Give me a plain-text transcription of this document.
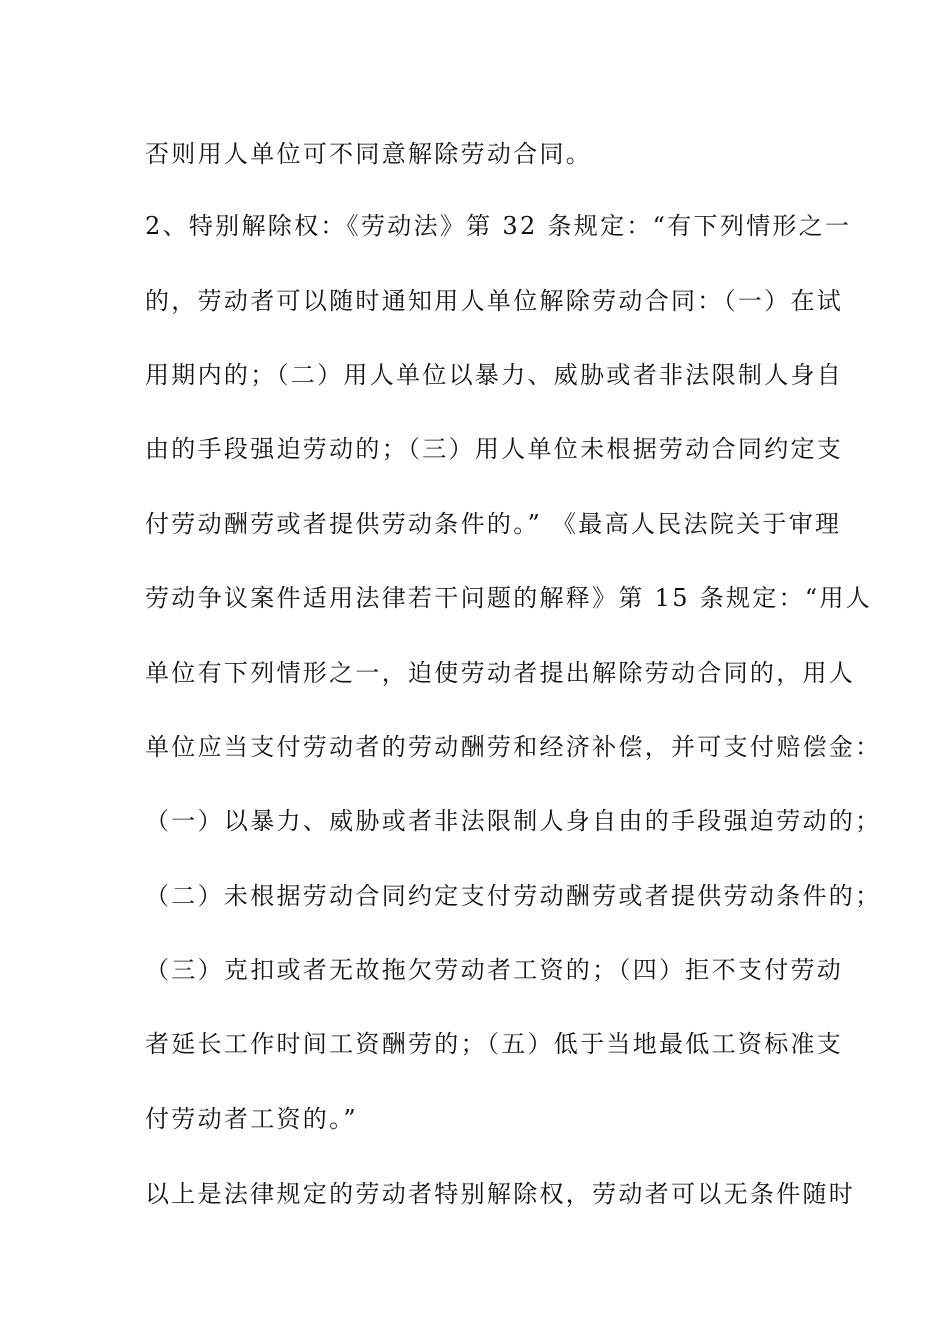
否则用人单位可不同意解除劳动合同。
2、特别解除权：《劳动法》第 32 条规定：“有下列情形之一
的，劳动者可以随时通知用人单位解除劳动合同：（一）在试
用期内的；（二）用人单位以暴力、威胁或者非法限制人身自
由的手段强迫劳动的；（三）用人单位未根据劳动合同约定支
付劳动酬劳或者提供劳动条件的。” 《最高人民法院关于审理
劳动争议案件适用法律若干问题的解释》第 15 条规定：“用人
单位有下列情形之一，迫使劳动者提出解除劳动合同的，用人
单位应当支付劳动者的劳动酬劳和经济补偿，并可支付赔偿金：
（一）以暴力、威胁或者非法限制人身自由的手段强迫劳动的；
（二）未根据劳动合同约定支付劳动酬劳或者提供劳动条件的；
（三）克扣或者无故拖欠劳动者工资的；（四）拒不支付劳动
者延长工作时间工资酬劳的；（五）低于当地最低工资标准支
付劳动者工资的。”
以上是法律规定的劳动者特别解除权，劳动者可以无条件随时
